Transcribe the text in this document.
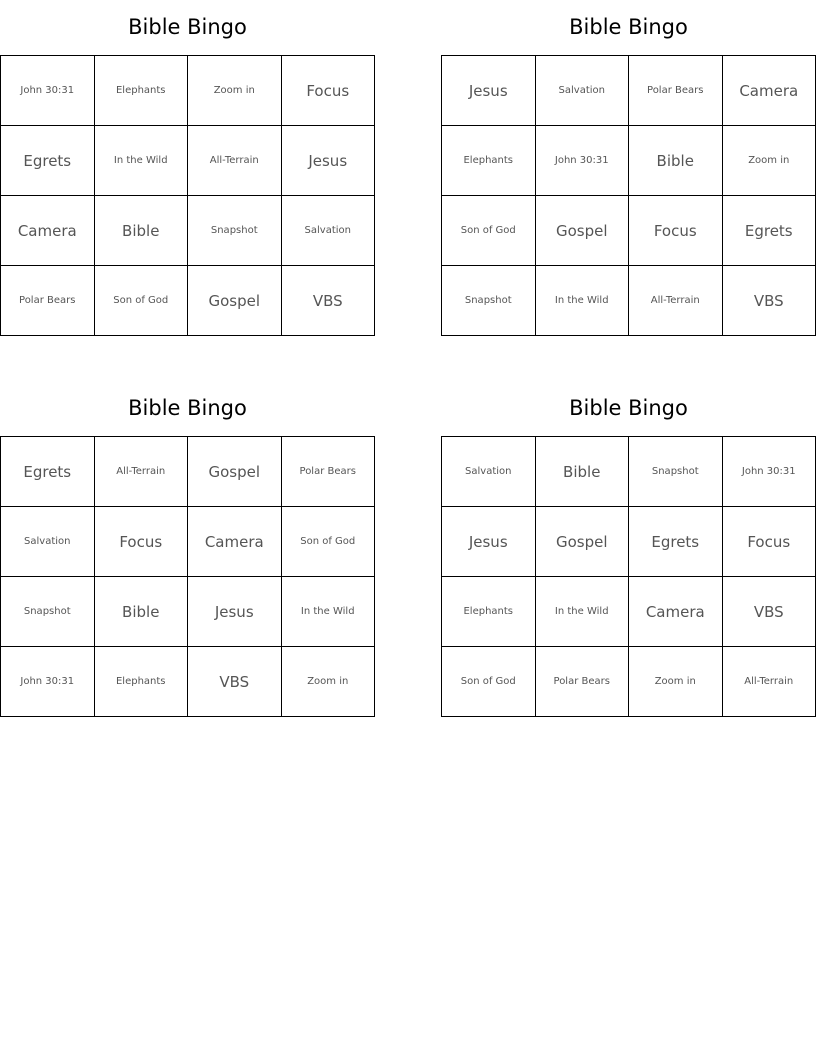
Bible Bingo
John 30:31	Elephants	Zoom in	Focus
Egrets	In the Wild	All-Terrain	Jesus
Camera	Bible	Snapshot	Salvation
Polar Bears	Son of God	Gospel	VBS
Bible Bingo
Jesus	Salvation	Polar Bears	Camera
Elephants	John 30:31	Bible	Zoom in
Son of God	Gospel	Focus	Egrets
Snapshot	In the Wild	All-Terrain	VBS
Bible Bingo
Egrets	All-Terrain	Gospel	Polar Bears
Salvation	Focus	Camera	Son of God
Snapshot	Bible	Jesus	In the Wild
John 30:31	Elephants	VBS	Zoom in
Bible Bingo
Salvation	Bible	Snapshot	John 30:31
Jesus	Gospel	Egrets	Focus
Elephants	In the Wild	Camera	VBS
Son of God	Polar Bears	Zoom in	All-Terrain
